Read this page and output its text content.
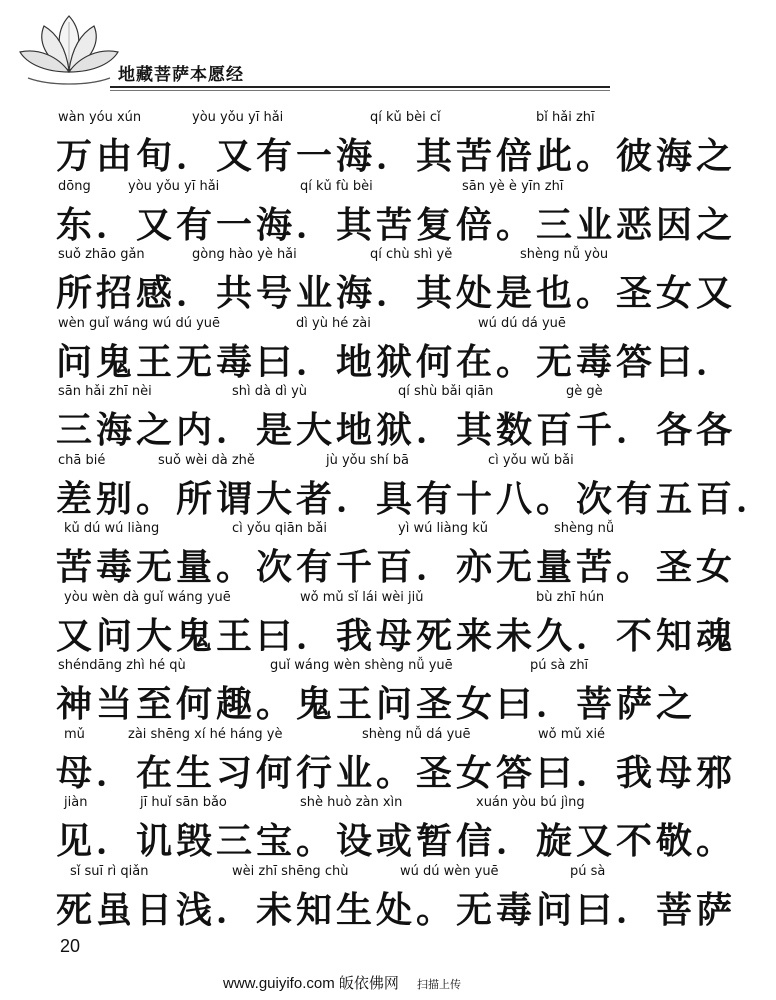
地藏菩萨本愿经
wàn yóu xún	yòu yǒu yī hǎi	qí kǔ bèi cǐ	bǐ hǎi zhī
万由旬．又有一海．其苦倍此。彼海之
dōng	yòu yǒu yī hǎi	qí kǔ fù bèi	sān yè è yīn zhī
东．又有一海．其苦复倍。三业恶因之
suǒ zhāo gǎn	gòng hào yè hǎi	qí chù shì yě	shèng nǚ yòu
所招感．共号业海．其处是也。圣女又
wèn guǐ wáng wú dú yuē	dì yù hé zài	wú dú dá yuē
问鬼王无毒曰．地狱何在。无毒答曰．
sān hǎi zhī nèi	shì dà dì yù	qí shù bǎi qiān	gè gè
三海之内．是大地狱．其数百千．各各
chā bié	suǒ wèi dà zhě	jù yǒu shí bā	cì yǒu wǔ bǎi
差别。所谓大者．具有十八。次有五百．
kǔ dú wú liàng	cì yǒu qiān bǎi	yì wú liàng kǔ	shèng nǚ
苦毒无量。次有千百．亦无量苦。圣女
yòu wèn dà guǐ wáng yuē	wǒ mǔ sǐ lái wèi jiǔ	bù zhī hún
又问大鬼王曰．我母死来未久．不知魂
shéndāng zhì hé qù	guǐ wáng wèn shèng nǚ yuē	pú sà zhī
神当至何趣。鬼王问圣女曰．菩萨之
mǔ	zài shēng xí hé háng yè	shèng nǚ dá yuē	wǒ mǔ xié
母．在生习何行业。圣女答曰．我母邪
jiàn	jī huǐ sān bǎo	shè huò zàn xìn	xuán yòu bú jìng
见．讥毁三宝。设或暂信．旋又不敬。
sǐ suī rì qiǎn	wèi zhī shēng chù	wú dú wèn yuē	pú sà
死虽日浅．未知生处。无毒问曰．菩萨
20
www.guiyifo.com 皈依佛网 扫描上传
